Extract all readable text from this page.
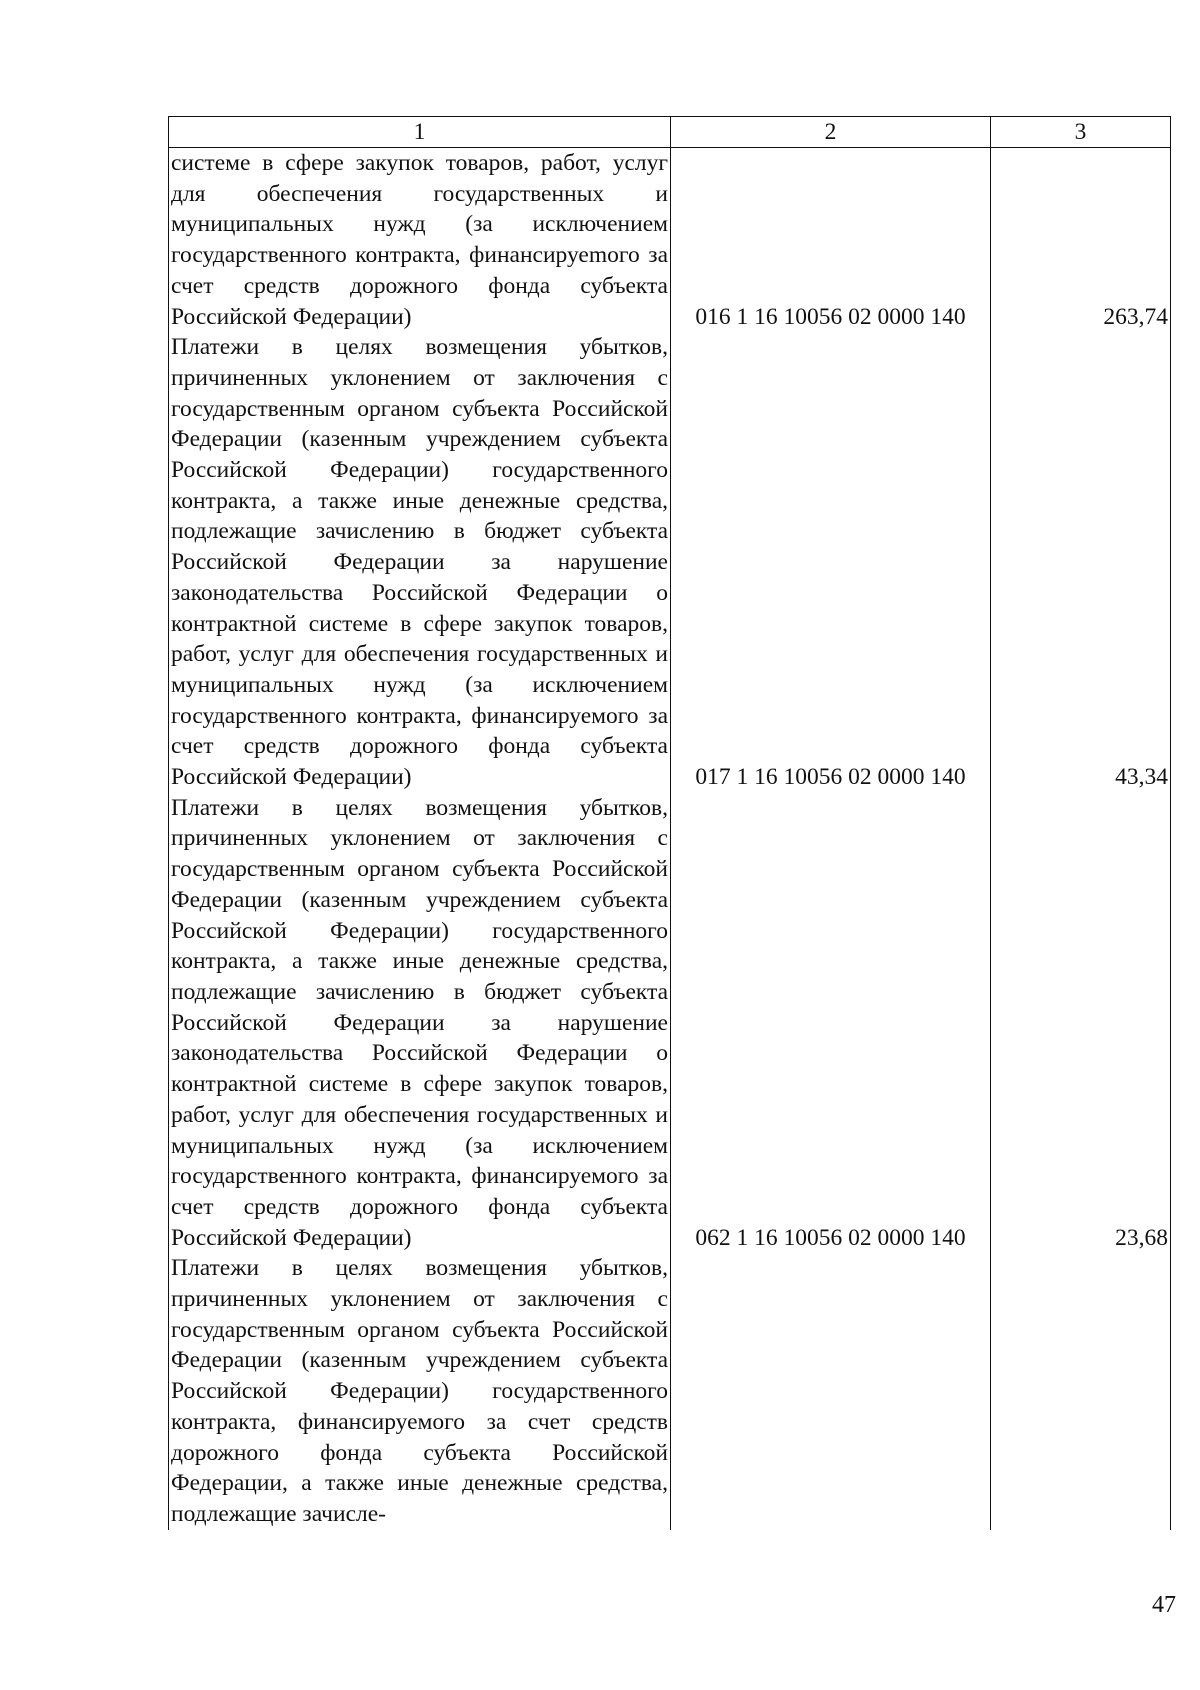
1	2	3
системе в сфере закупок товаров, работ, услуг для обеспечения государственных и муниципальных нужд (за исключением государственного контракта, финансируеmого за счет средств дорожного фонда субъекта Российской Федерации)	016 1 16 10056 02 0000 140	263,74
Платежи в целях возмещения убытков, причиненных уклонением от заключения с государственным органом субъекта Российской Федерации (казенным учреждением субъекта Российской Федерации) государственного контракта, а также иные денежные средства, подлежащие зачислению в бюджет субъекта Российской Федерации за нарушение законодательства Российской Федерации о контрактной системе в сфере закупок товаров, работ, услуг для обеспечения государственных и муниципальных нужд (за исключением государственного контракта, финансируемого за счет средств дорожного фонда субъекта Российской Федерации)	017 1 16 10056 02 0000 140	43,34
Платежи в целях возмещения убытков, причиненных уклонением от заключения с государственным органом субъекта Российской Федерации (казенным учреждением субъекта Российской Федерации) государственного контракта, а также иные денежные средства, подлежащие зачислению в бюджет субъекта Российской Федерации за нарушение законодательства Российской Федерации о контрактной системе в сфере закупок товаров, работ, услуг для обеспечения государственных и муниципальных нужд (за исключением государственного контракта, финансируемого за счет средств дорожного фонда субъекта Российской Федерации)	062 1 16 10056 02 0000 140	23,68
Платежи в целях возмещения убытков, причиненных уклонением от заключения с государственным органом субъекта Российской Федерации (казенным учреждением субъекта Российской Федерации) государственного контракта, финансируемого за счет средств дорожного фонда субъекта Российской Федерации, а также иные денежные средства, подлежащие зачисле-		
47
